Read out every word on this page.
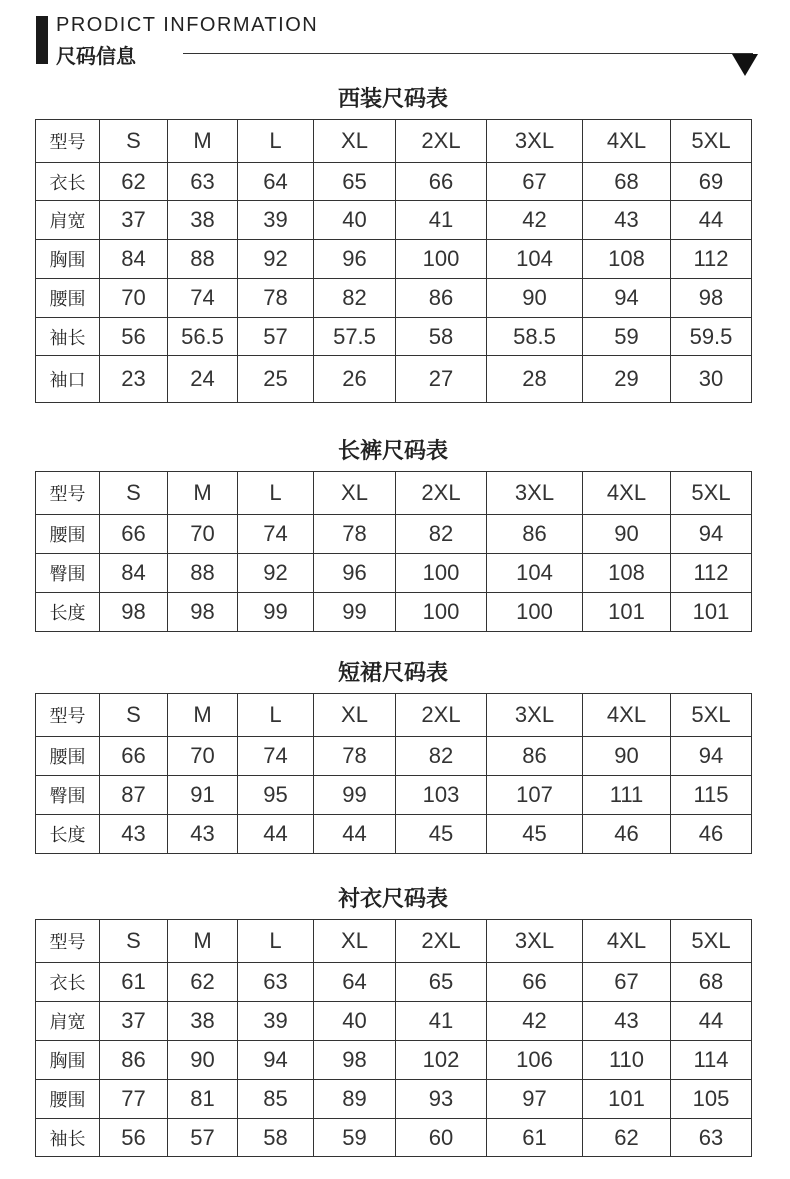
PRODICT INFORMATION
尺码信息
西装尺码表
型号	S	M	L	XL	2XL	3XL	4XL	5XL
衣长	62	63	64	65	66	67	68	69
肩宽	37	38	39	40	41	42	43	44
胸围	84	88	92	96	100	104	108	112
腰围	70	74	78	82	86	90	94	98
袖长	56	56.5	57	57.5	58	58.5	59	59.5
袖口	23	24	25	26	27	28	29	30
长裤尺码表
型号	S	M	L	XL	2XL	3XL	4XL	5XL
腰围	66	70	74	78	82	86	90	94
臀围	84	88	92	96	100	104	108	112
长度	98	98	99	99	100	100	101	101
短裙尺码表
型号	S	M	L	XL	2XL	3XL	4XL	5XL
腰围	66	70	74	78	82	86	90	94
臀围	87	91	95	99	103	107	111	115
长度	43	43	44	44	45	45	46	46
衬衣尺码表
型号	S	M	L	XL	2XL	3XL	4XL	5XL
衣长	61	62	63	64	65	66	67	68
肩宽	37	38	39	40	41	42	43	44
胸围	86	90	94	98	102	106	110	114
腰围	77	81	85	89	93	97	101	105
袖长	56	57	58	59	60	61	62	63
